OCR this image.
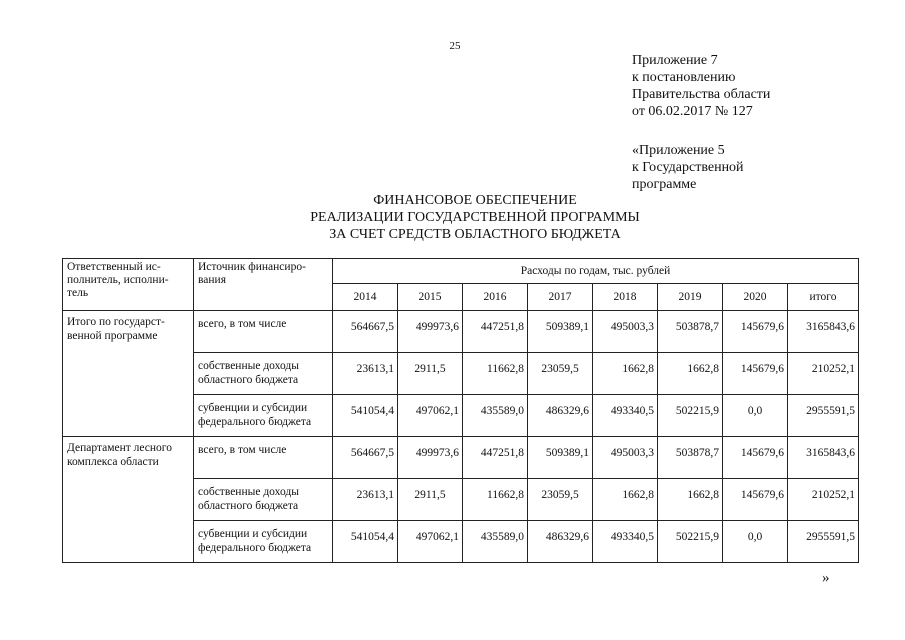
25
Приложение 7
к постановлению
Правительства области
от 06.02.2017 № 127
«Приложение 5
к Государственной
программе
ФИНАНСОВОЕ ОБЕСПЕЧЕНИЕ
РЕАЛИЗАЦИИ ГОСУДАРСТВЕННОЙ ПРОГРАММЫ
ЗА СЧЕТ СРЕДСТВ ОБЛАСТНОГО БЮДЖЕТА
Ответственный ис-полнитель, исполни-тель	Источник финансиро-вания	Расходы по годам, тыс. рублей							
		2014	2015	2016	2017	2018	2019	2020	итого
Итого по государст-венной программе	всего, в том числе	564667,5	499973,6	447251,8	509389,1	495003,3	503878,7	145679,6	3165843,6
	собственные доходы областного бюджета	23613,1	2911,5	11662,8	23059,5	1662,8	1662,8	145679,6	210252,1
	субвенции и субсидии федерального бюджета	541054,4	497062,1	435589,0	486329,6	493340,5	502215,9	0,0	2955591,5
Департамент лесного комплекса области	всего, в том числе	564667,5	499973,6	447251,8	509389,1	495003,3	503878,7	145679,6	3165843,6
	собственные доходы областного бюджета	23613,1	2911,5	11662,8	23059,5	1662,8	1662,8	145679,6	210252,1
	субвенции и субсидии федерального бюджета	541054,4	497062,1	435589,0	486329,6	493340,5	502215,9	0,0	2955591,5
»
